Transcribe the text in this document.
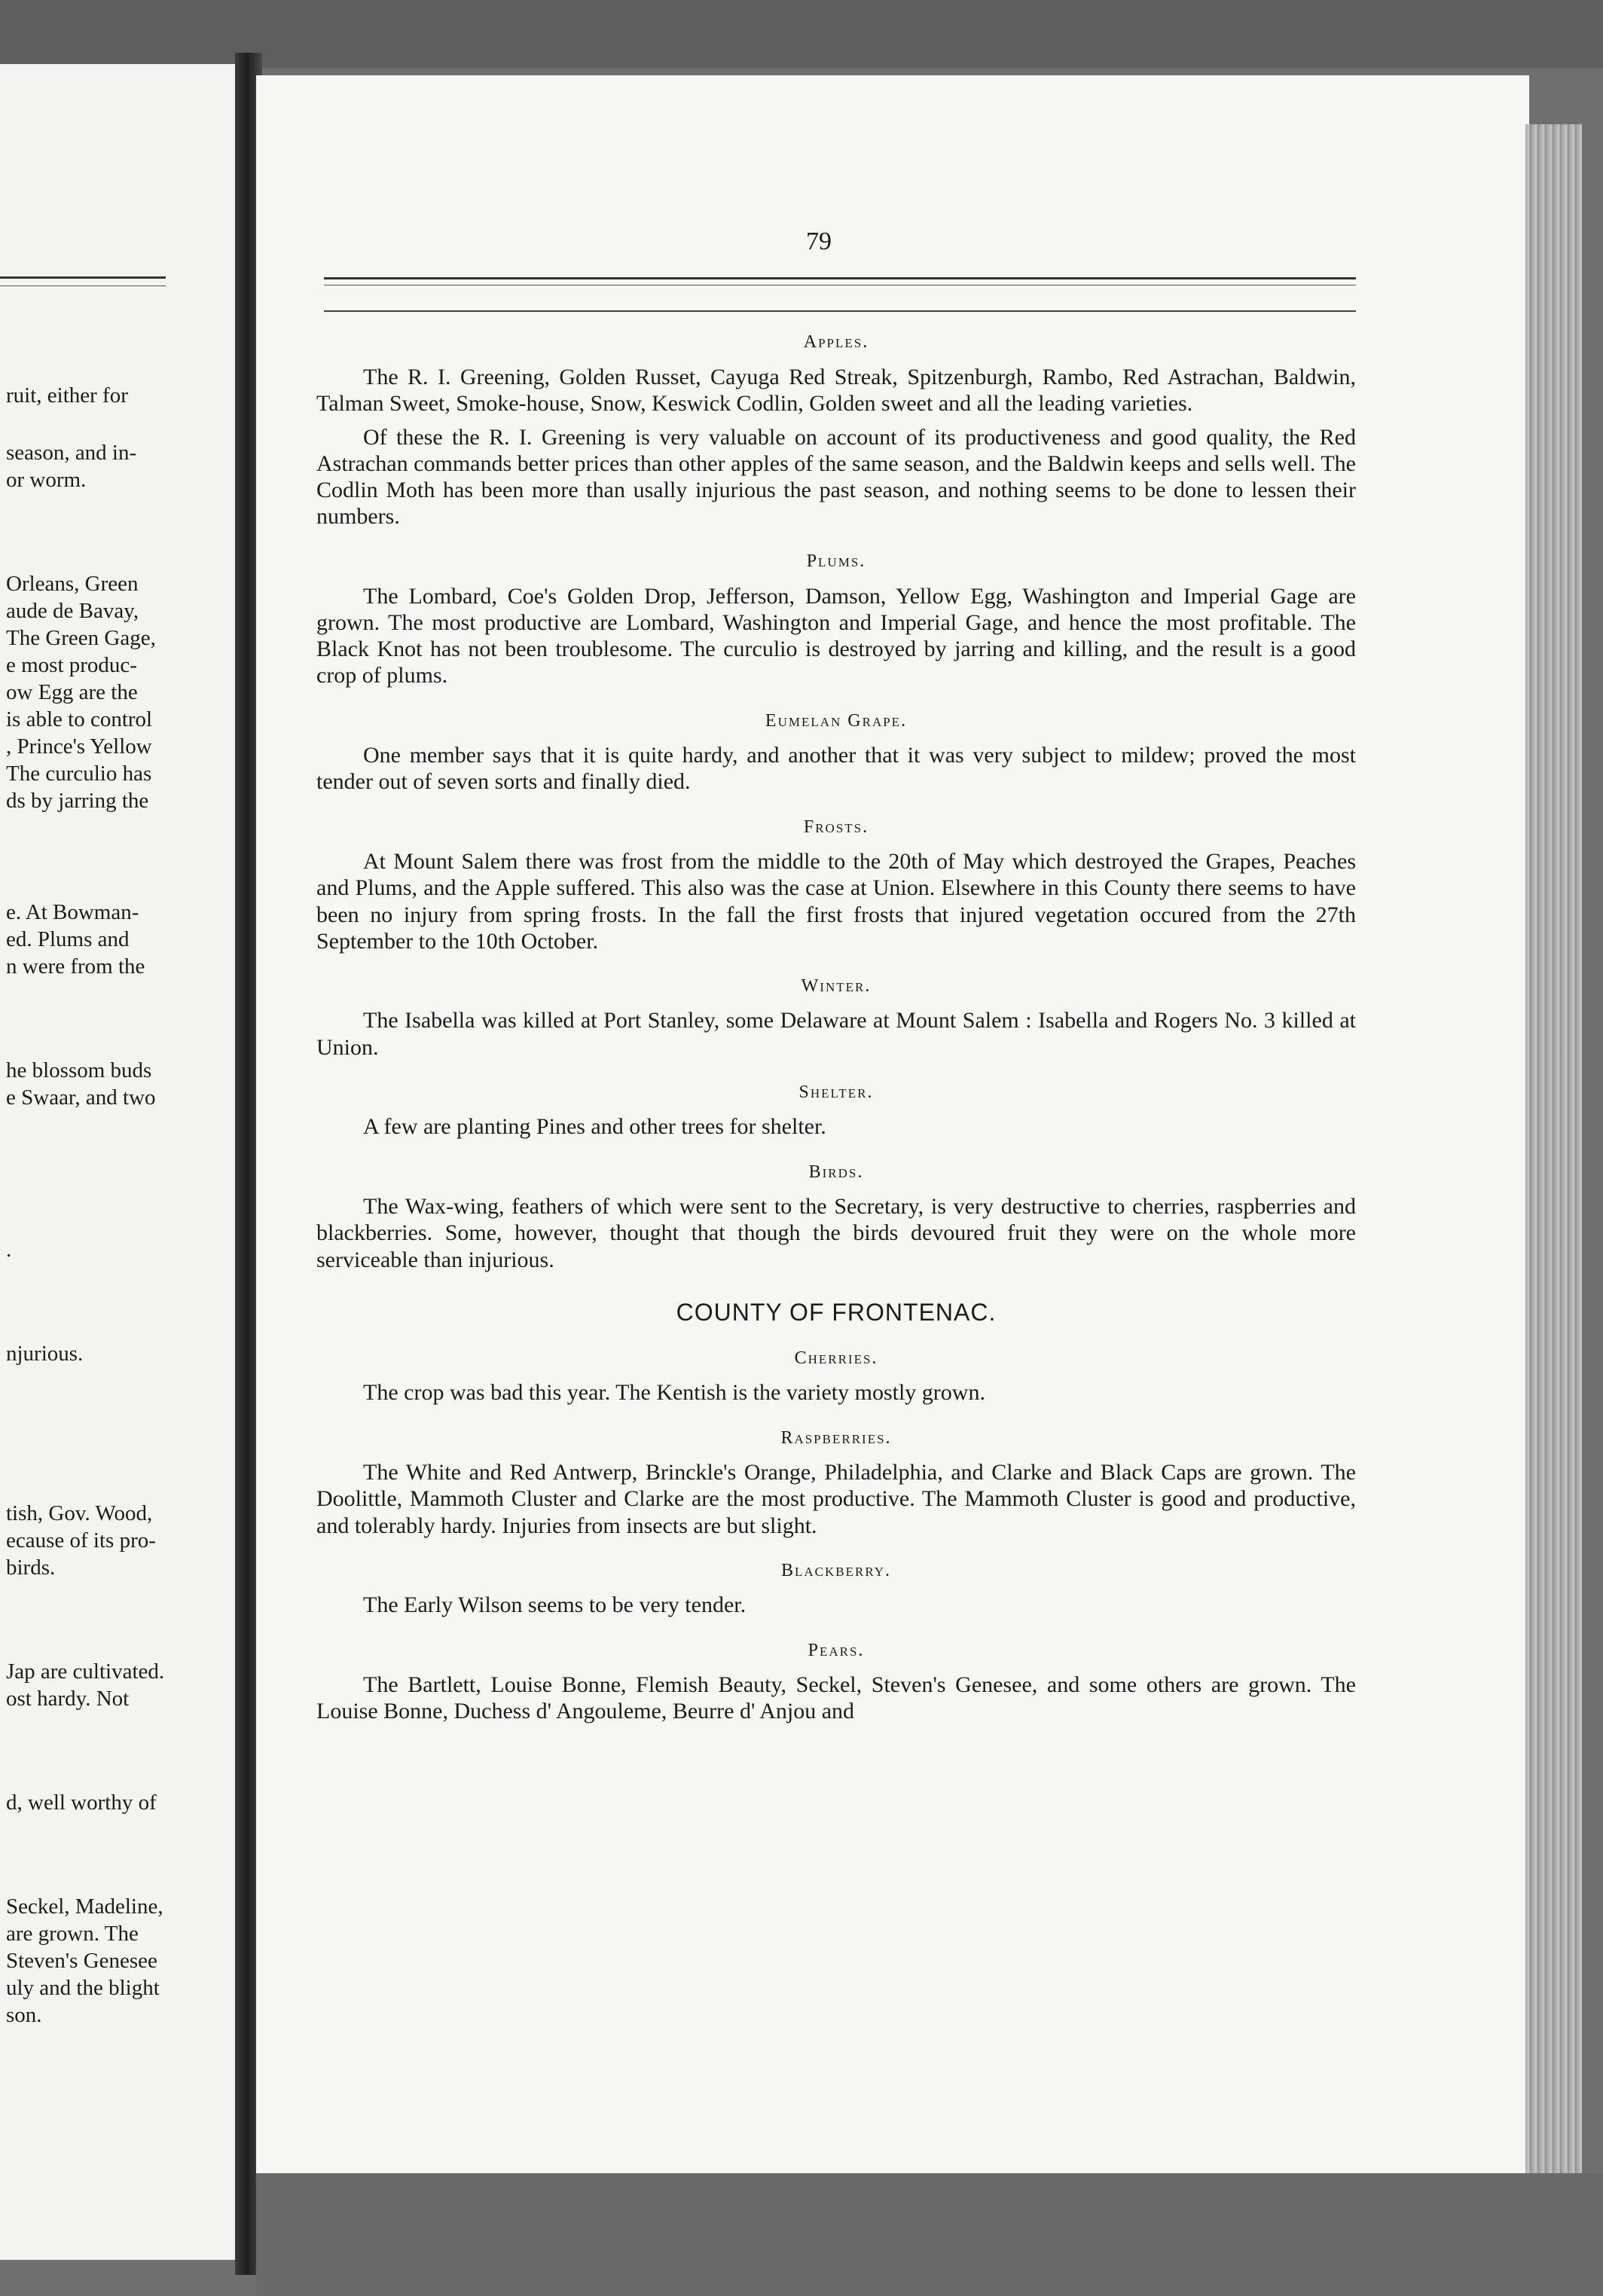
ruit, either for
season, and in-
or worm.
Orleans, Green
aude de Bavay,
The Green Gage,
e most produc-
ow Egg are the
is able to control
, Prince's Yellow
The curculio has
ds by jarring the
e. At Bowman-
ed. Plums and
n were from the
he blossom buds
e Swaar, and two
.
njurious.
tish, Gov. Wood,
ecause of its pro-
birds.
Jap are cultivated.
ost hardy. Not
d, well worthy of
Seckel, Madeline,
are grown. The
Steven's Genesee
uly and the blight
son.
79
Apples.

The R. I. Greening, Golden Russet, Cayuga Red Streak, Spitzenburgh, Rambo, Red Astrachan, Baldwin, Talman Sweet, Smoke-house, Snow, Keswick Codlin, Golden sweet and all the leading varieties.

Of these the R. I. Greening is very valuable on account of its productiveness and good quality, the Red Astrachan commands better prices than other apples of the same season, and the Baldwin keeps and sells well. The Codlin Moth has been more than usally injurious the past season, and nothing seems to be done to lessen their numbers.

Plums.

The Lombard, Coe's Golden Drop, Jefferson, Damson, Yellow Egg, Washington and Imperial Gage are grown. The most productive are Lombard, Washington and Imperial Gage, and hence the most profitable. The Black Knot has not been troublesome. The curculio is destroyed by jarring and killing, and the result is a good crop of plums.

Eumelan Grape.

One member says that it is quite hardy, and another that it was very subject to mildew; proved the most tender out of seven sorts and finally died.

Frosts.

At Mount Salem there was frost from the middle to the 20th of May which destroyed the Grapes, Peaches and Plums, and the Apple suffered. This also was the case at Union. Elsewhere in this County there seems to have been no injury from spring frosts. In the fall the first frosts that injured vegetation occured from the 27th September to the 10th October.

Winter.

The Isabella was killed at Port Stanley, some Delaware at Mount Salem : Isabella and Rogers No. 3 killed at Union.

Shelter.

A few are planting Pines and other trees for shelter.

Birds.

The Wax-wing, feathers of which were sent to the Secretary, is very destructive to cherries, raspberries and blackberries. Some, however, thought that though the birds devoured fruit they were on the whole more serviceable than injurious.

COUNTY OF FRONTENAC.
Cherries.

The crop was bad this year. The Kentish is the variety mostly grown.

Raspberries.

The White and Red Antwerp, Brinckle's Orange, Philadelphia, and Clarke and Black Caps are grown. The Doolittle, Mammoth Cluster and Clarke are the most productive. The Mammoth Cluster is good and productive, and tolerably hardy. Injuries from insects are but slight.

Blackberry.

The Early Wilson seems to be very tender.

Pears.

The Bartlett, Louise Bonne, Flemish Beauty, Seckel, Steven's Genesee, and some others are grown. The Louise Bonne, Duchess d' Angouleme, Beurre d' Anjou and
